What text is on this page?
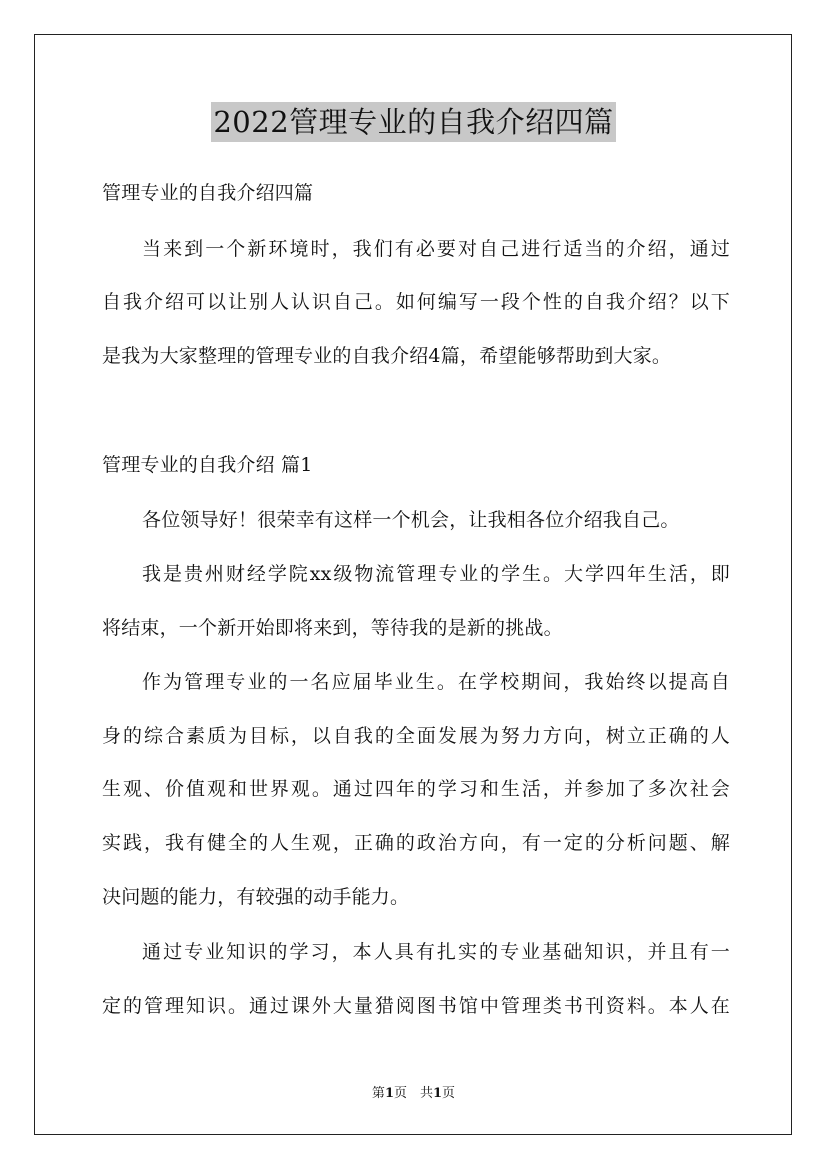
2022管理专业的自我介绍四篇
管理专业的自我介绍四篇
当来到一个新环境时，我们有必要对自己进行适当的介绍，通过
自我介绍可以让别人认识自己。如何编写一段个性的自我介绍？以下
是我为大家整理的管理专业的自我介绍4篇，希望能够帮助到大家。
管理专业的自我介绍 篇1
各位领导好！很荣幸有这样一个机会，让我相各位介绍我自己。
我是贵州财经学院xx级物流管理专业的学生。大学四年生活，即
将结束，一个新开始即将来到，等待我的是新的挑战。
作为管理专业的一名应届毕业生。在学校期间，我始终以提高自
身的综合素质为目标，以自我的全面发展为努力方向，树立正确的人
生观、价值观和世界观。通过四年的学习和生活，并参加了多次社会
实践，我有健全的人生观，正确的政治方向，有一定的分析问题、解
决问题的能力，有较强的动手能力。
通过专业知识的学习，本人具有扎实的专业基础知识，并且有一
定的管理知识。通过课外大量猎阅图书馆中管理类书刊资料。本人在
第1页　共1页
